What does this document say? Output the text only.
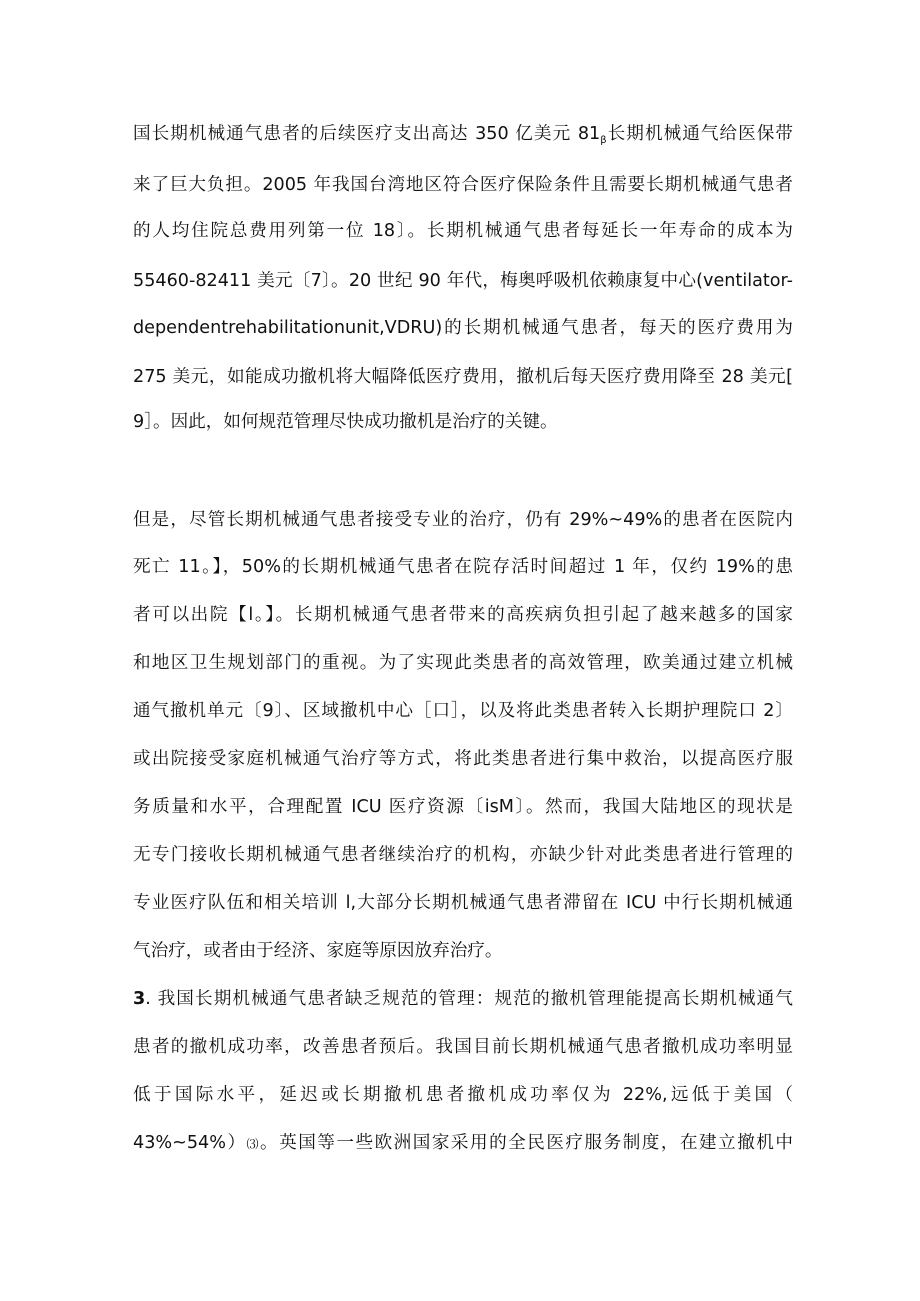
国长期机械通气患者的后续医疗支出高达 350 亿美元 $81_\beta$长期机械通气给医保带
来了巨大负担。2005 年我国台湾地区符合医疗保险条件且需要长期机械通气患者
的人均住院总费用列第一位 18〕。长期机械通气患者每延长一年寿命的成本为
55460-82411 美元〔7〕。20 世纪 90 年代，梅奥呼吸机依赖康复中心(ventilator-
dependentrehabilitationunit,VDRU)的长期机械通气患者，每天的医疗费用为
275 美元，如能成功撤机将大幅降低医疗费用，撤机后每天医疗费用降至 28 美元[
9］。因此，如何规范管理尽快成功撤机是治疗的关键。
但是，尽管长期机械通气患者接受专业的治疗，仍有 29%~49%的患者在医院内
死亡 11。】，50%的长期机械通气患者在院存活时间超过 1 年，仅约 19%的患
者可以出院【l。】。长期机械通气患者带来的高疾病负担引起了越来越多的国家
和地区卫生规划部门的重视。为了实现此类患者的高效管理，欧美通过建立机械
通气撤机单元〔9〕、区域撤机中心［口］，以及将此类患者转入长期护理院口 2〕
或出院接受家庭机械通气治疗等方式，将此类患者进行集中救治，以提高医疗服
务质量和水平，合理配置 ICU 医疗资源〔isM〕。然而，我国大陆地区的现状是
无专门接收长期机械通气患者继续治疗的机构，亦缺少针对此类患者进行管理的
专业医疗队伍和相关培训 l,大部分长期机械通气患者滞留在 ICU 中行长期机械通
气治疗，或者由于经济、家庭等原因放弃治疗。
3. 我国长期机械通气患者缺乏规范的管理：规范的撤机管理能提高长期机械通气
患者的撤机成功率，改善患者预后。我国目前长期机械通气患者撤机成功率明显
低于国际水平，延迟或长期撤机患者撤机成功率仅为 22%,远低于美国（
43%~54%）⑶。英国等一些欧洲国家采用的全民医疗服务制度，在建立撤机中
